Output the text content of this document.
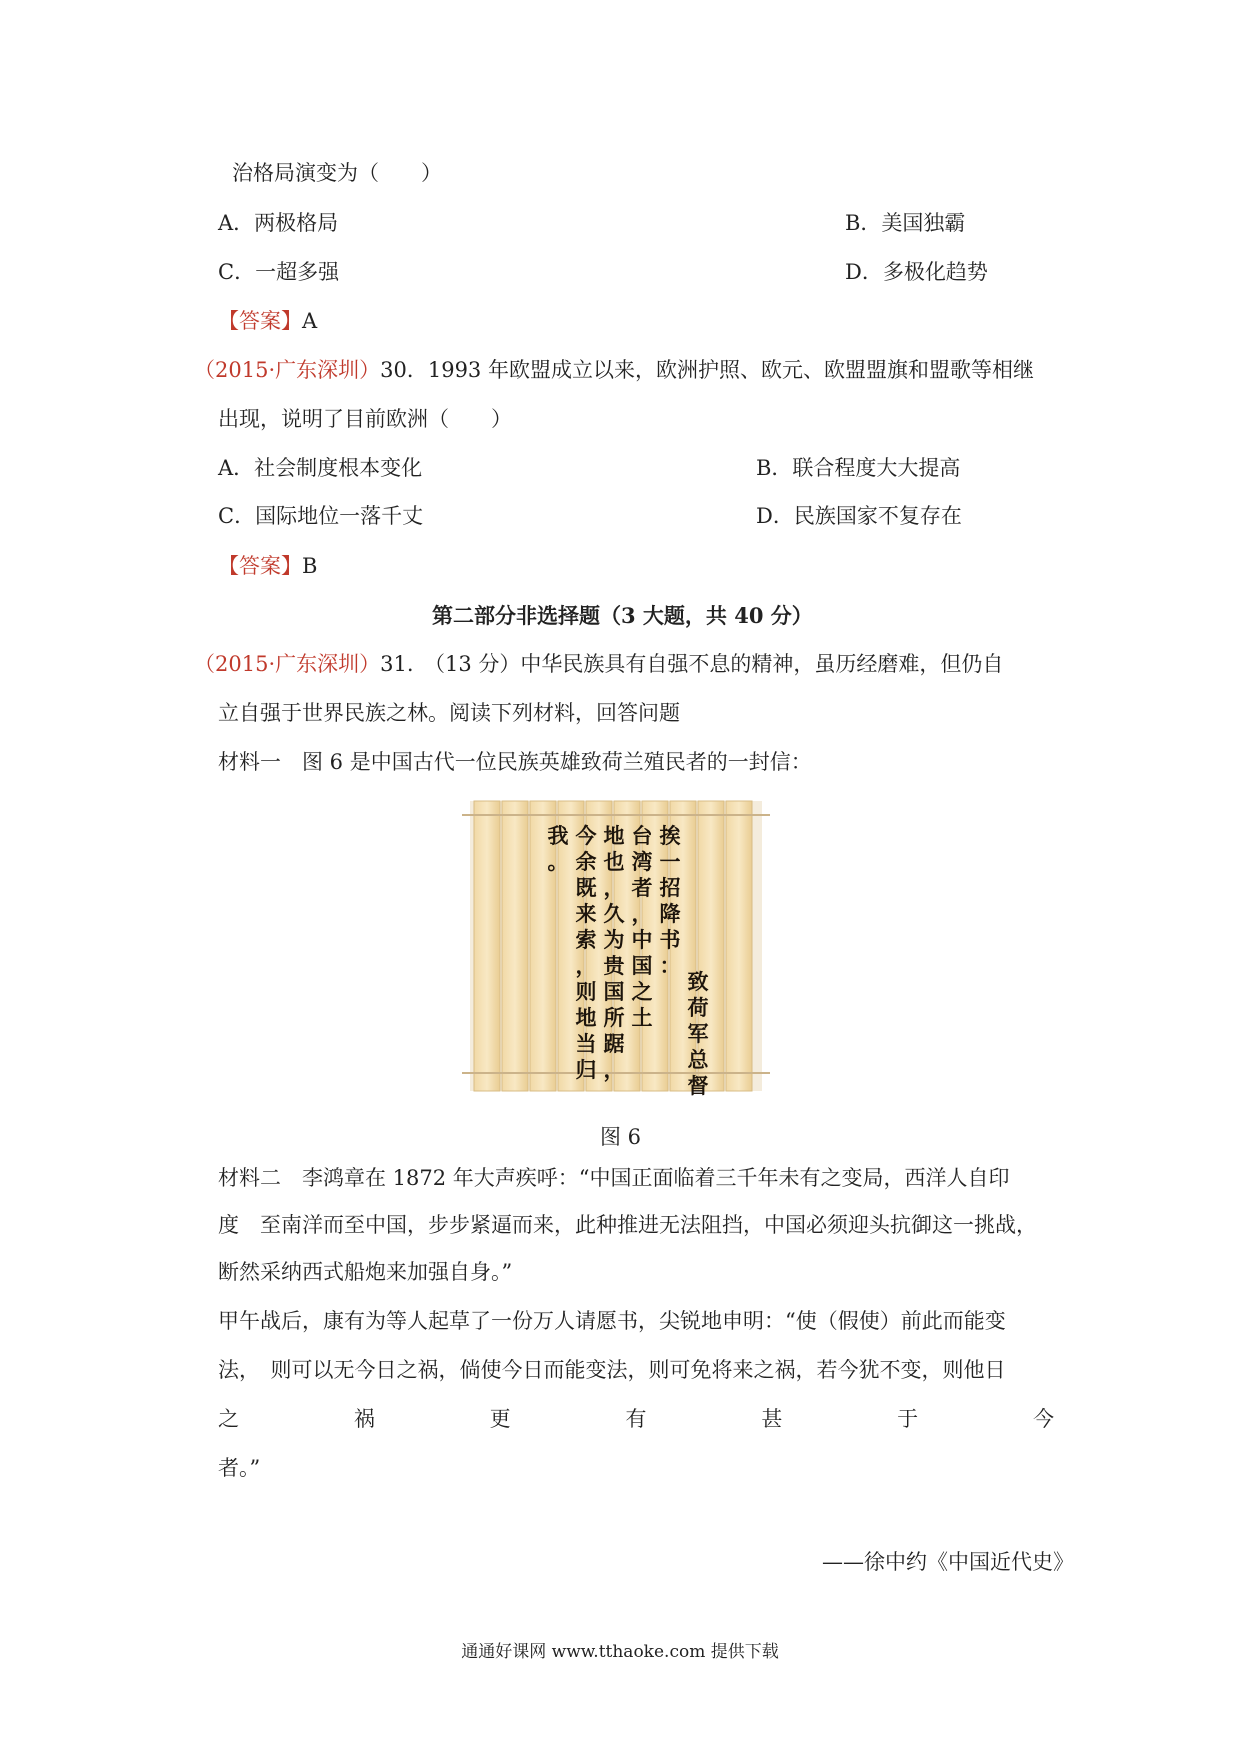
治格局演变为（　　）
A．两极格局	B．美国独霸
C．一超多强	D．多极化趋势
【答案】A
（2015·广东深圳）30．1993 年欧盟成立以来，欧洲护照、欧元、欧盟盟旗和盟歌等相继
出现，说明了目前欧洲（　　）
A．社会制度根本变化	B．联合程度大大提高
C．国际地位一落千丈	D．民族国家不复存在
【答案】B
第二部分非选择题（3 大题，共 40 分）
（2015·广东深圳）31.　（13 分）中华民族具有自强不息的精神，虽历经磨难，但仍自
立自强于世界民族之林。阅读下列材料，回答问题
材料一　图 6 是中国古代一位民族英雄致荷兰殖民者的一封信：
致
荷
军
总
督
挨
一
招
降
书
：
台
湾
者
，
中
国
之
土
地
也
，
久
为
贵
国
所
踞
，
今
余
既
来
索
，
则
地
当
归
我
。
图 6
材料二　李鸿章在 1872 年大声疾呼：“中国正面临着三千年未有之变局，西洋人自印
度　至南洋而至中国，步步紧逼而来，此种推进无法阻挡，中国必须迎头抗御这一挑战，
断然采纳西式船炮来加强自身。”
甲午战后，康有为等人起草了一份万人请愿书，尖锐地申明：“使（假使）前此而能变
法，　则可以无今日之祸，倘使今日而能变法，则可免将来之祸，若今犹不变，则他日
之	祸	更	有	甚	于	今
者。”
——徐中约《中国近代史》
通通好课网 www.tthaoke.com 提供下载
